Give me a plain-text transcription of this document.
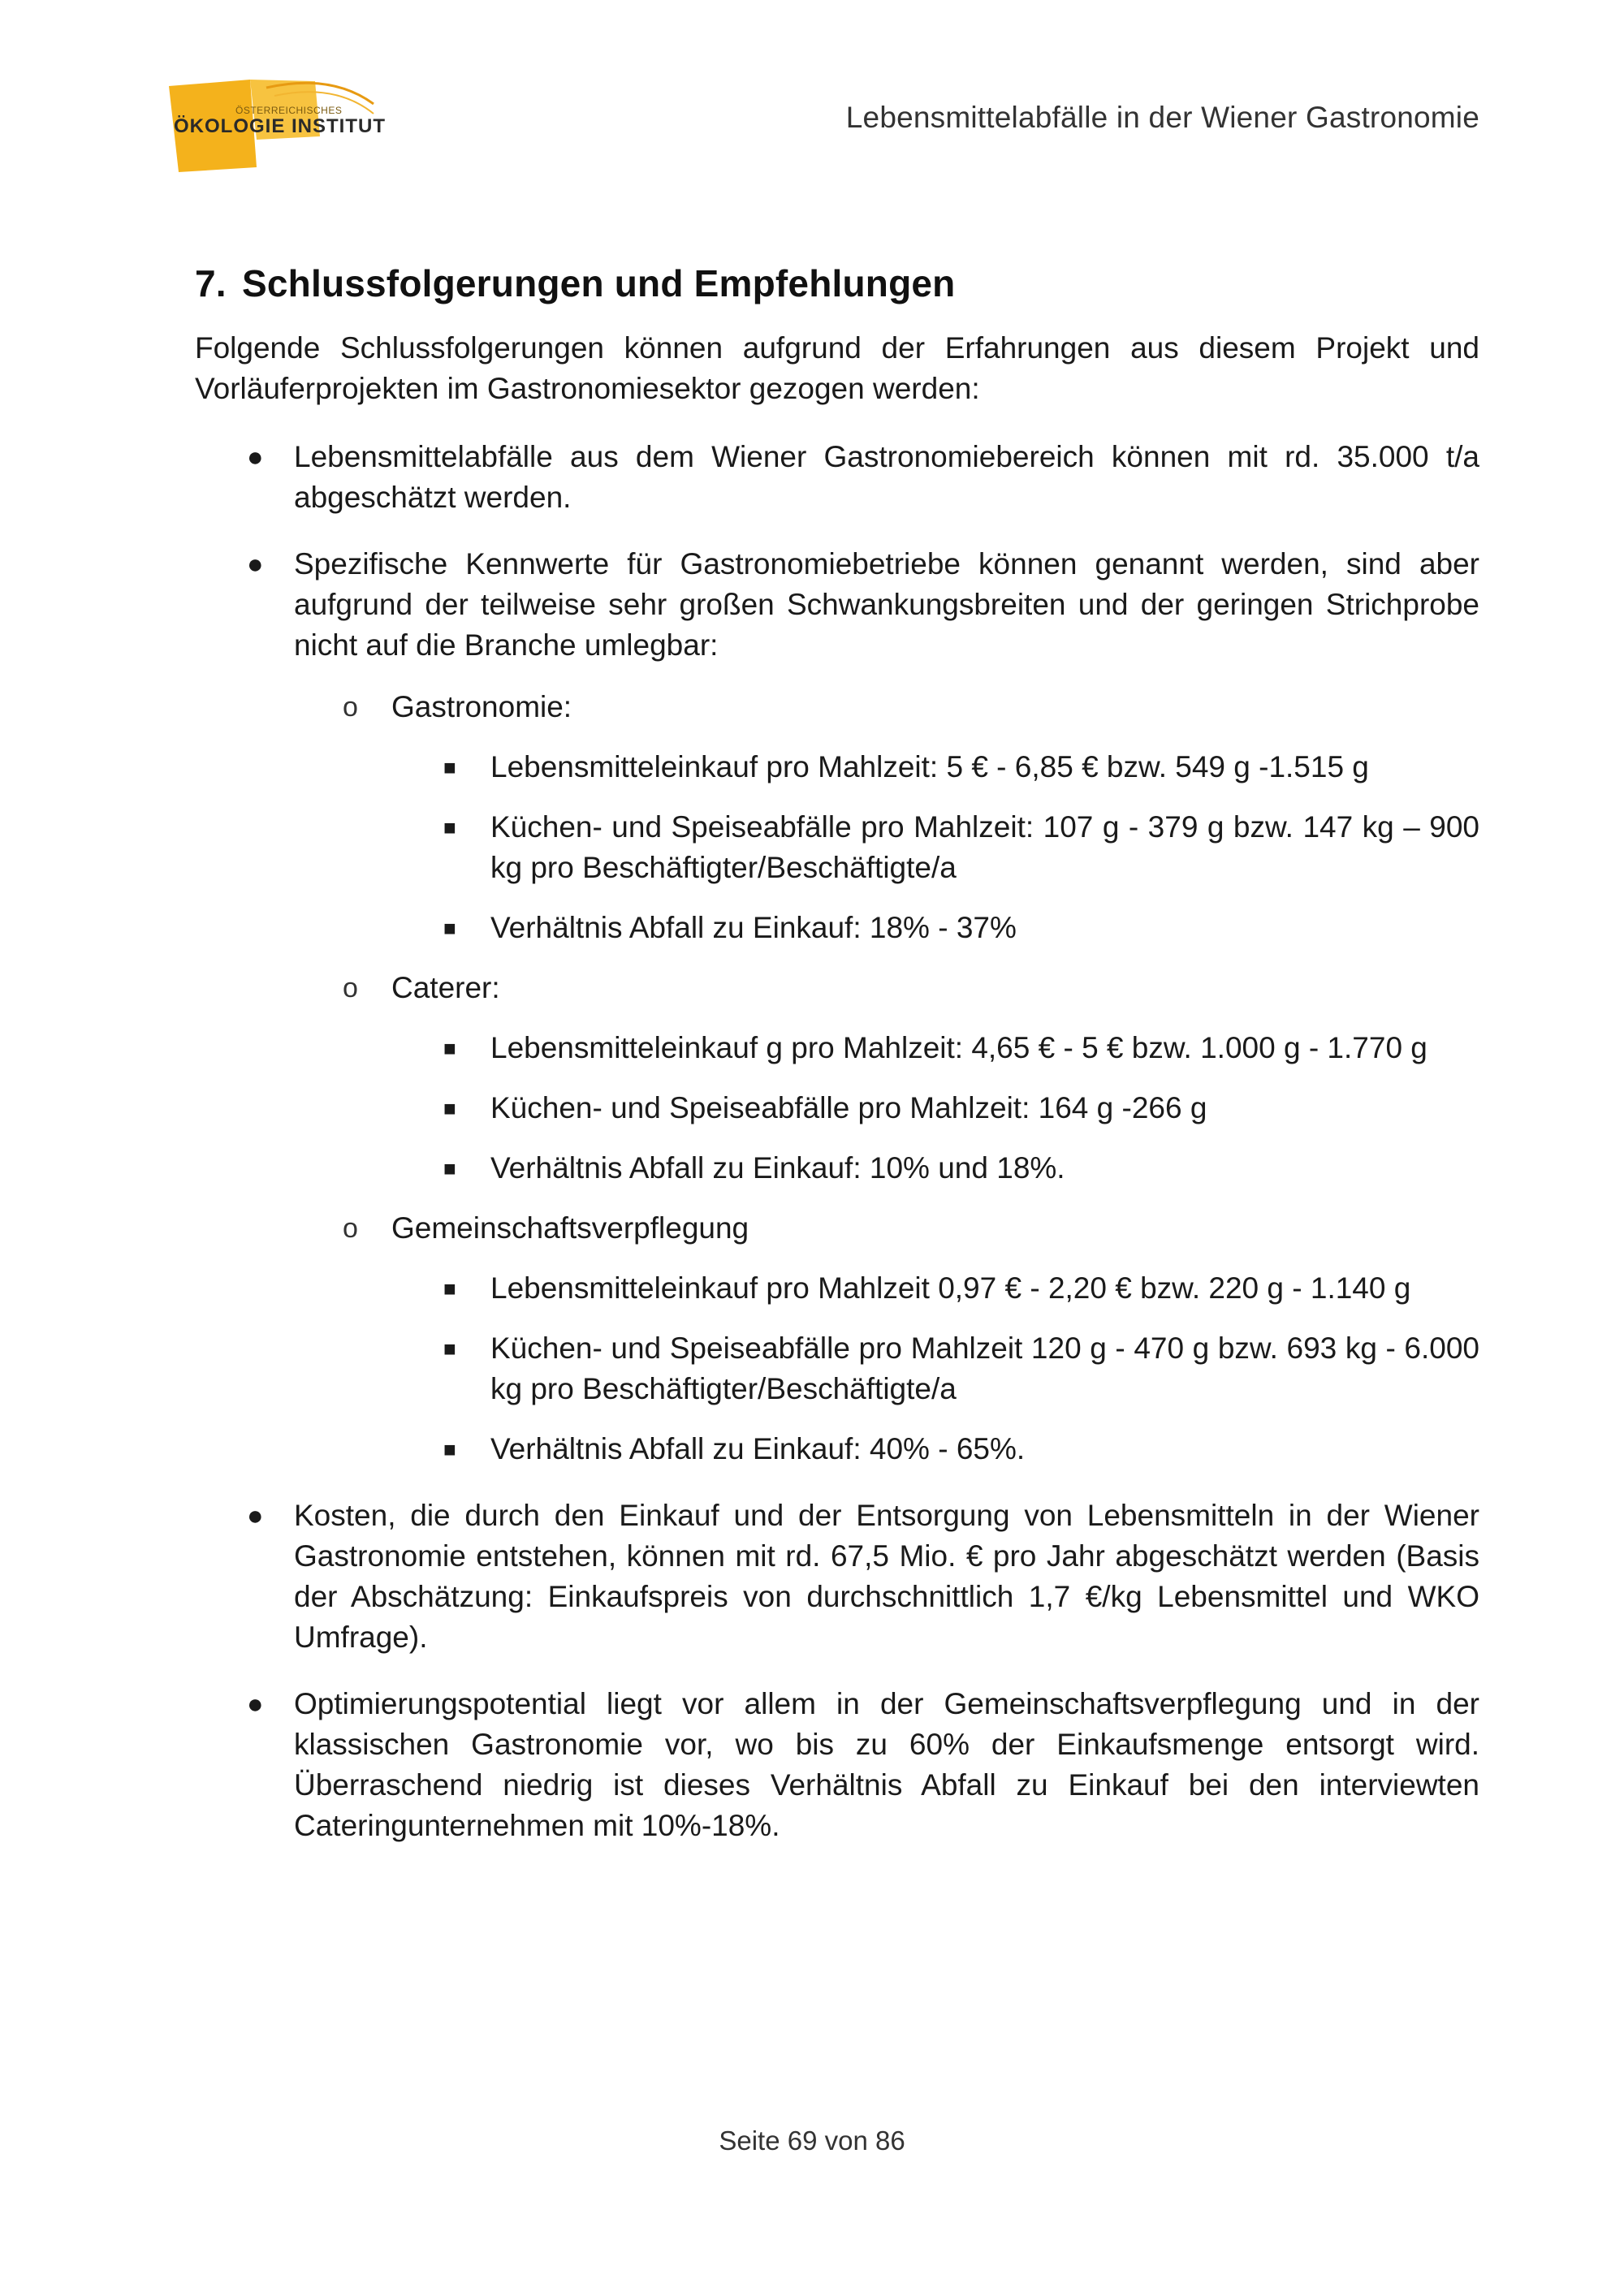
ÖSTERREICHISCHES
ÖKOLOGIE INSTITUT	Lebensmittelabfälle in der Wiener Gastronomie
7. Schlussfolgerungen und Empfehlungen

Folgende Schlussfolgerungen können aufgrund der Erfahrungen aus diesem Projekt und Vorläuferprojekten im Gastronomiesektor gezogen werden:

● Lebensmittelabfälle aus dem Wiener Gastronomiebereich können mit rd. 35.000 t/a abgeschätzt werden.
● Spezifische Kennwerte für Gastronomiebetriebe können genannt werden, sind aber aufgrund der teilweise sehr großen Schwankungsbreiten und der geringen Strichprobe nicht auf die Branche umlegbar:
o Gastronomie:
■ Lebensmitteleinkauf pro Mahlzeit: 5 € - 6,85 € bzw. 549 g -1.515 g
■ Küchen- und Speiseabfälle pro Mahlzeit: 107 g - 379 g bzw. 147 kg – 900 kg pro Beschäftigter/Beschäftigte/a
■ Verhältnis Abfall zu Einkauf: 18% - 37%
o Caterer:
■ Lebensmitteleinkauf g pro Mahlzeit: 4,65 € - 5 € bzw. 1.000 g - 1.770 g
■ Küchen- und Speiseabfälle pro Mahlzeit: 164 g -266 g
■ Verhältnis Abfall zu Einkauf: 10% und 18%.
o Gemeinschaftsverpflegung
■ Lebensmitteleinkauf pro Mahlzeit 0,97 € - 2,20 € bzw. 220 g - 1.140 g
■ Küchen- und Speiseabfälle pro Mahlzeit 120 g - 470 g bzw. 693 kg - 6.000 kg pro Beschäftigter/Beschäftigte/a
■ Verhältnis Abfall zu Einkauf: 40% - 65%.
● Kosten, die durch den Einkauf und der Entsorgung von Lebensmitteln in der Wiener Gastronomie entstehen, können mit rd. 67,5 Mio. € pro Jahr abgeschätzt werden (Basis der Abschätzung: Einkaufspreis von durchschnittlich 1,7 €/kg Lebensmittel und WKO Umfrage).
● Optimierungspotential liegt vor allem in der Gemeinschaftsverpflegung und in der klassischen Gastronomie vor, wo bis zu 60% der Einkaufsmenge entsorgt wird. Überraschend niedrig ist dieses Verhältnis Abfall zu Einkauf bei den interviewten Cateringunternehmen mit 10%-18%.
Seite 69 von 86
